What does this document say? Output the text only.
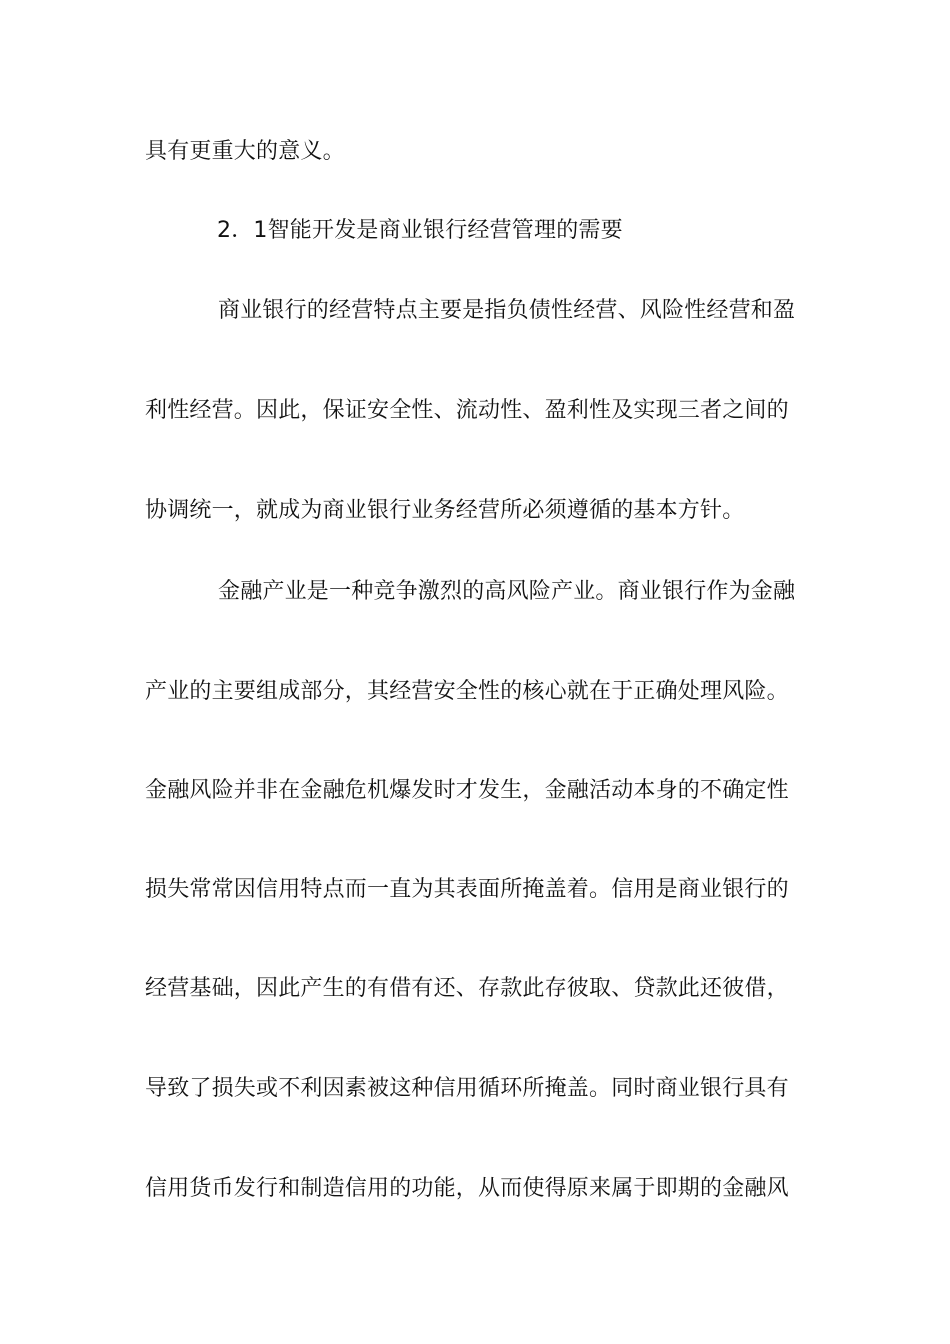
具有更重大的意义。
2．1智能开发是商业银行经营管理的需要
商业银行的经营特点主要是指负债性经营、风险性经营和盈
利性经营。因此，保证安全性、流动性、盈利性及实现三者之间的
协调统一，就成为商业银行业务经营所必须遵循的基本方针。
金融产业是一种竞争激烈的高风险产业。商业银行作为金融
产业的主要组成部分，其经营安全性的核心就在于正确处理风险。
金融风险并非在金融危机爆发时才发生，金融活动本身的不确定性
损失常常因信用特点而一直为其表面所掩盖着。信用是商业银行的
经营基础，因此产生的有借有还、存款此存彼取、贷款此还彼借，
导致了损失或不利因素被这种信用循环所掩盖。同时商业银行具有
信用货币发行和制造信用的功能，从而使得原来属于即期的金融风
